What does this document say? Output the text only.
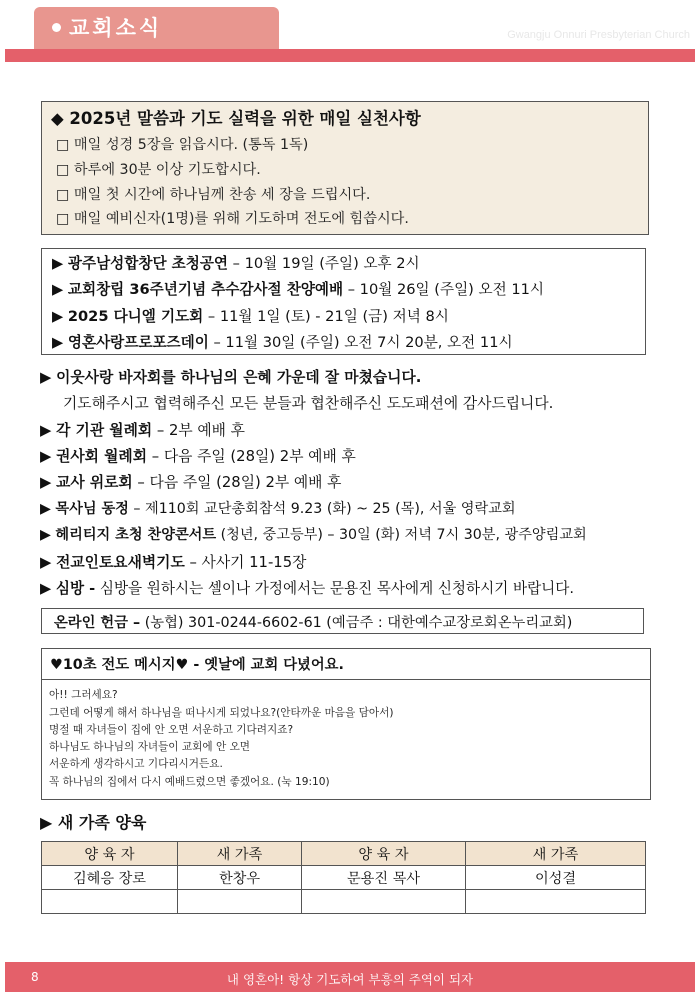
교회소식	Gwangju Onnuri Presbyterian Church
◆ 2025년 말씀과 기도 실력을 위한 매일 실천사항
□ 매일 성경 5장을 읽읍시다. (통독 1독)
□ 하루에 30분 이상 기도합시다.
□ 매일 첫 시간에 하나님께 찬송 세 장을 드립시다.
□ 매일 예비신자(1명)를 위해 기도하며 전도에 힘씁시다.
▶ 광주남성합창단 초청공연 – 10월 19일 (주일) 오후 2시
▶ 교회창립 36주년기념 추수감사절 찬양예배 – 10월 26일 (주일) 오전 11시
▶ 2025 다니엘 기도회 – 11월 1일 (토) - 21일 (금) 저녁 8시
▶ 영혼사랑프로포즈데이 – 11월 30일 (주일) 오전 7시 20분, 오전 11시
▶ 이웃사랑 바자회를 하나님의 은혜 가운데 잘 마쳤습니다.
기도해주시고 협력해주신 모든 분들과 협찬해주신 도도패션에 감사드립니다.
▶ 각 기관 월례회 – 2부 예배 후
▶ 권사회 월례회 – 다음 주일 (28일) 2부 예배 후
▶ 교사 위로회 – 다음 주일 (28일) 2부 예배 후
▶ 목사님 동정 – 제110회 교단총회참석 9.23 (화) ~ 25 (목), 서울 영락교회
▶ 헤리티지 초청 찬양콘서트 (청년, 중고등부) – 30일 (화) 저녁 7시 30분, 광주양림교회
▶ 전교인토요새벽기도 – 사사기 11-15장
▶ 심방 - 심방을 원하시는 셀이나 가정에서는 문용진 목사에게 신청하시기 바랍니다.
온라인 헌금 – (농협) 301-0244-6602-61 (예금주 : 대한예수교장로회온누리교회)
♥10초 전도 메시지♥ - 옛날에 교회 다녔어요.
아!! 그러세요?
그런데 어떻게 해서 하나님을 떠나시게 되었나요?(안타까운 마음을 담아서)
명절 때 자녀들이 집에 안 오면 서운하고 기다려지죠?
하나님도 하나님의 자녀들이 교회에 안 오면
서운하게 생각하시고 기다리시거든요.
꼭 하나님의 집에서 다시 예배드렸으면 좋겠어요. (눅 19:10)
▶ 새 가족 양육
양 육 자	새 가족	양 육 자	새 가족
김혜응 장로	한창우	문용진 목사	이성결

8	내 영혼아! 항상 기도하여 부흥의 주역이 되자
